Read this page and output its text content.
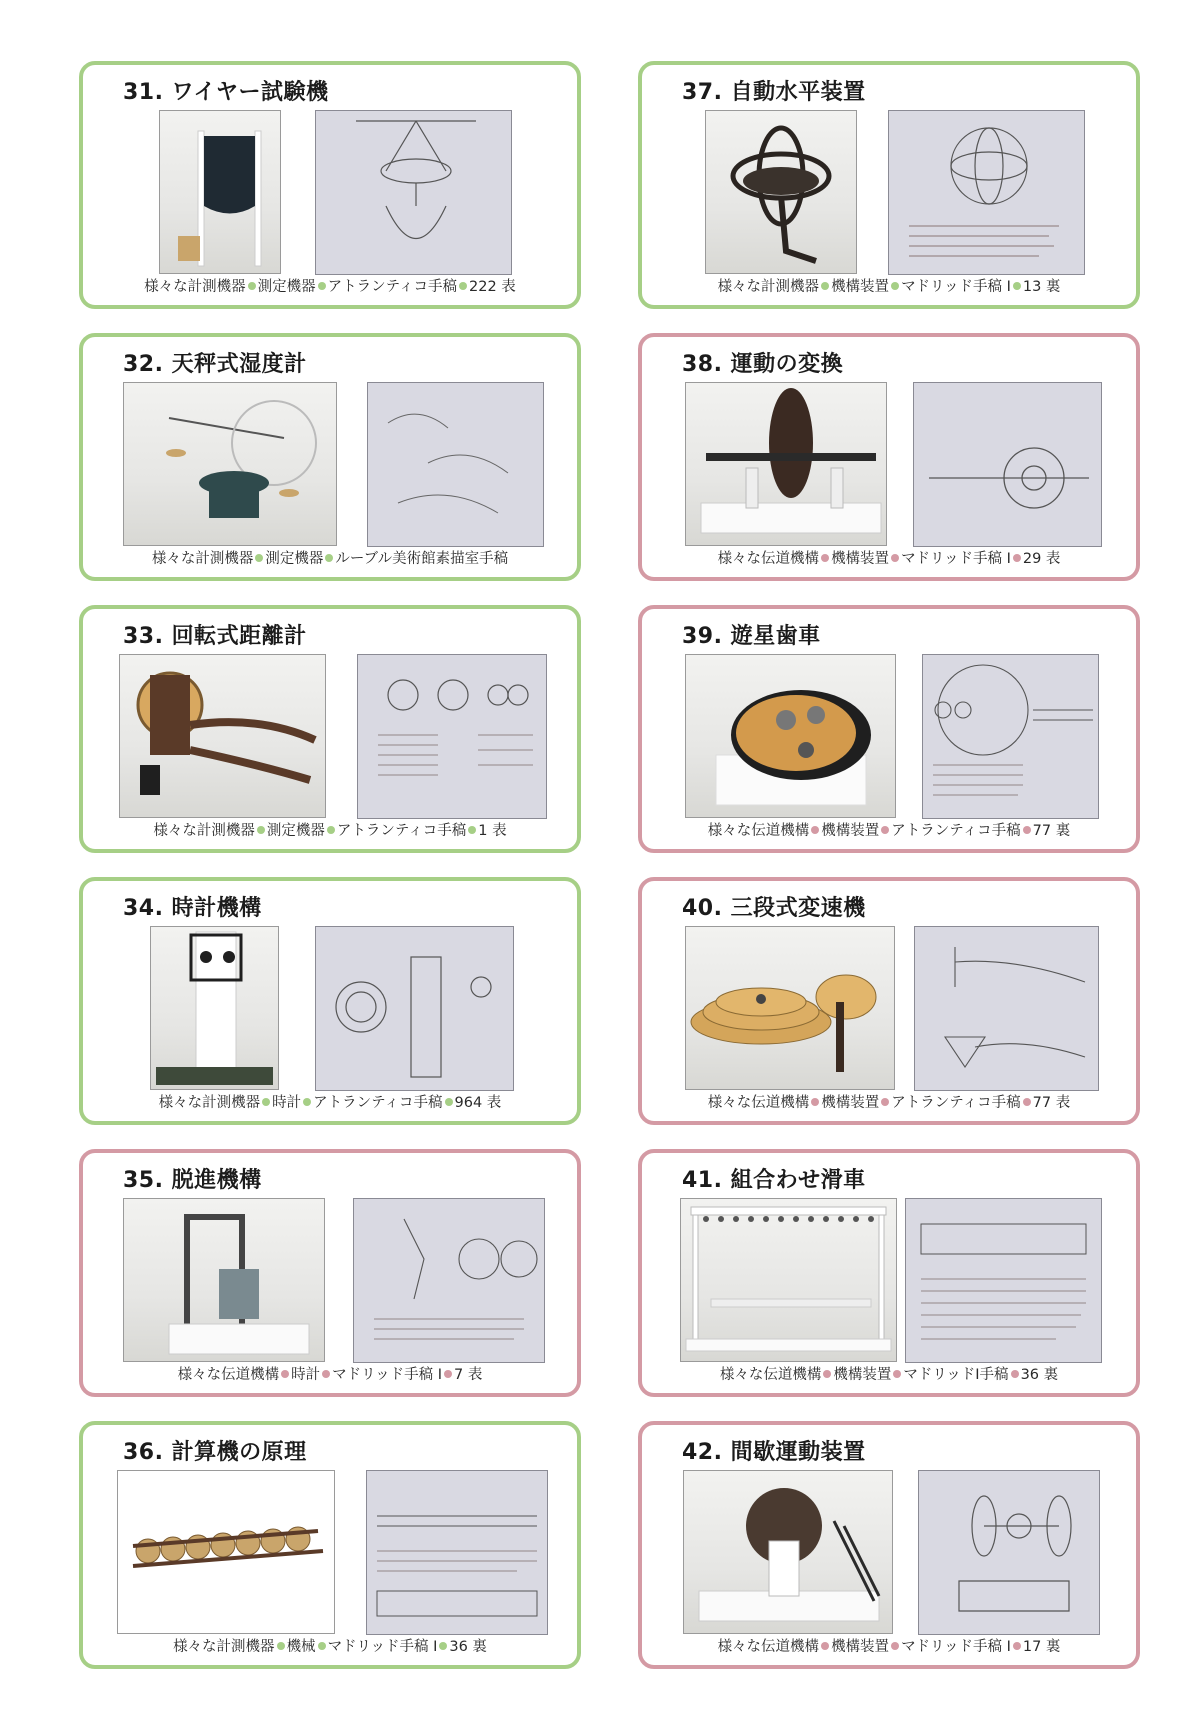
31. ワイヤー試験機
様々な計測機器 測定機器 アトランティコ手稿 222 表
37. 自動水平装置
様々な計測機器 機構装置 マドリッド手稿 I 13 裏
32. 天秤式湿度計
様々な計測機器 測定機器 ルーブル美術館素描室手稿
38. 運動の変換
様々な伝道機構 機構装置 マドリッド手稿 I 29 表
33. 回転式距離計
様々な計測機器 測定機器 アトランティコ手稿 1 表
39. 遊星歯車
様々な伝道機構 機構装置 アトランティコ手稿 77 裏
34. 時計機構
様々な計測機器 時計 アトランティコ手稿 964 表
40. 三段式変速機
様々な伝道機構 機構装置 アトランティコ手稿 77 表
35. 脱進機構
様々な伝道機構 時計 マドリッド手稿 I 7 表
41. 組合わせ滑車
様々な伝道機構 機構装置 マドリッドⅠ手稿 36 裏
36. 計算機の原理
様々な計測機器 機械 マドリッド手稿 I 36 裏
42. 間歇運動装置
様々な伝道機構 機構装置 マドリッド手稿 I 17 裏
